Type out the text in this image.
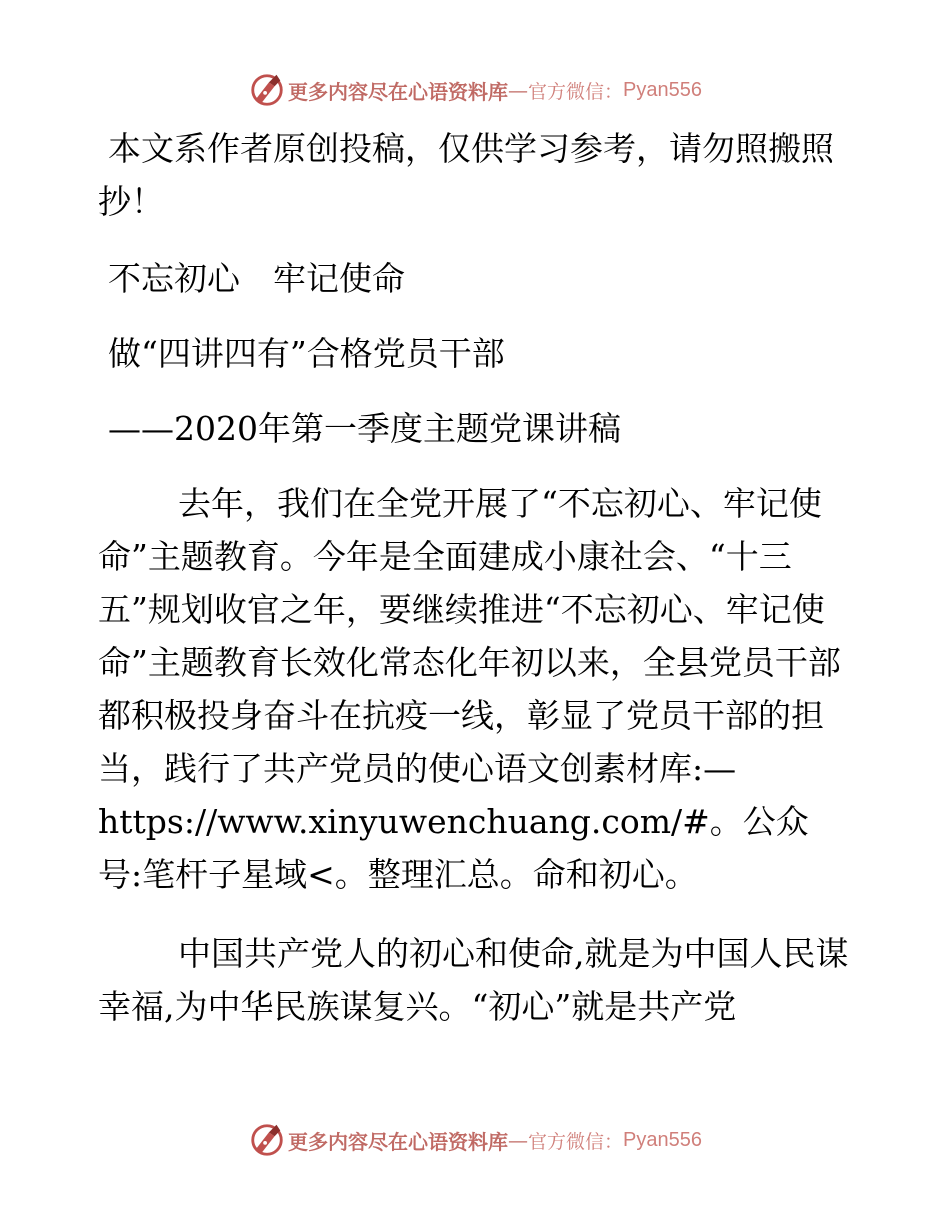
更多内容尽在心语资料库 — 官方微信： Pyan556

本文系作者原创投稿，仅供学习参考，请勿照搬照抄！

不忘初心　牢记使命

做“四讲四有”合格党员干部

——2020年第一季度主题党课讲稿

去年，我们在全党开展了“不忘初心、牢记使命”主题教育。今年是全面建成小康社会、“十三五”规划收官之年，要继续推进“不忘初心、牢记使命”主题教育长效化常态化年初以来，全县党员干部都积极投身奋斗在抗疫一线，彰显了党员干部的担当，践行了共产党员的使心语文创素材库:—https://www.xinyuwenchuang.com/#。公众号:笔杆子星域<。整理汇总。命和初心。

中国共产党人的初心和使命,就是为中国人民谋幸福,为中华民族谋复兴。“初心”就是共产党

更多内容尽在心语资料库 — 官方微信： Pyan556
